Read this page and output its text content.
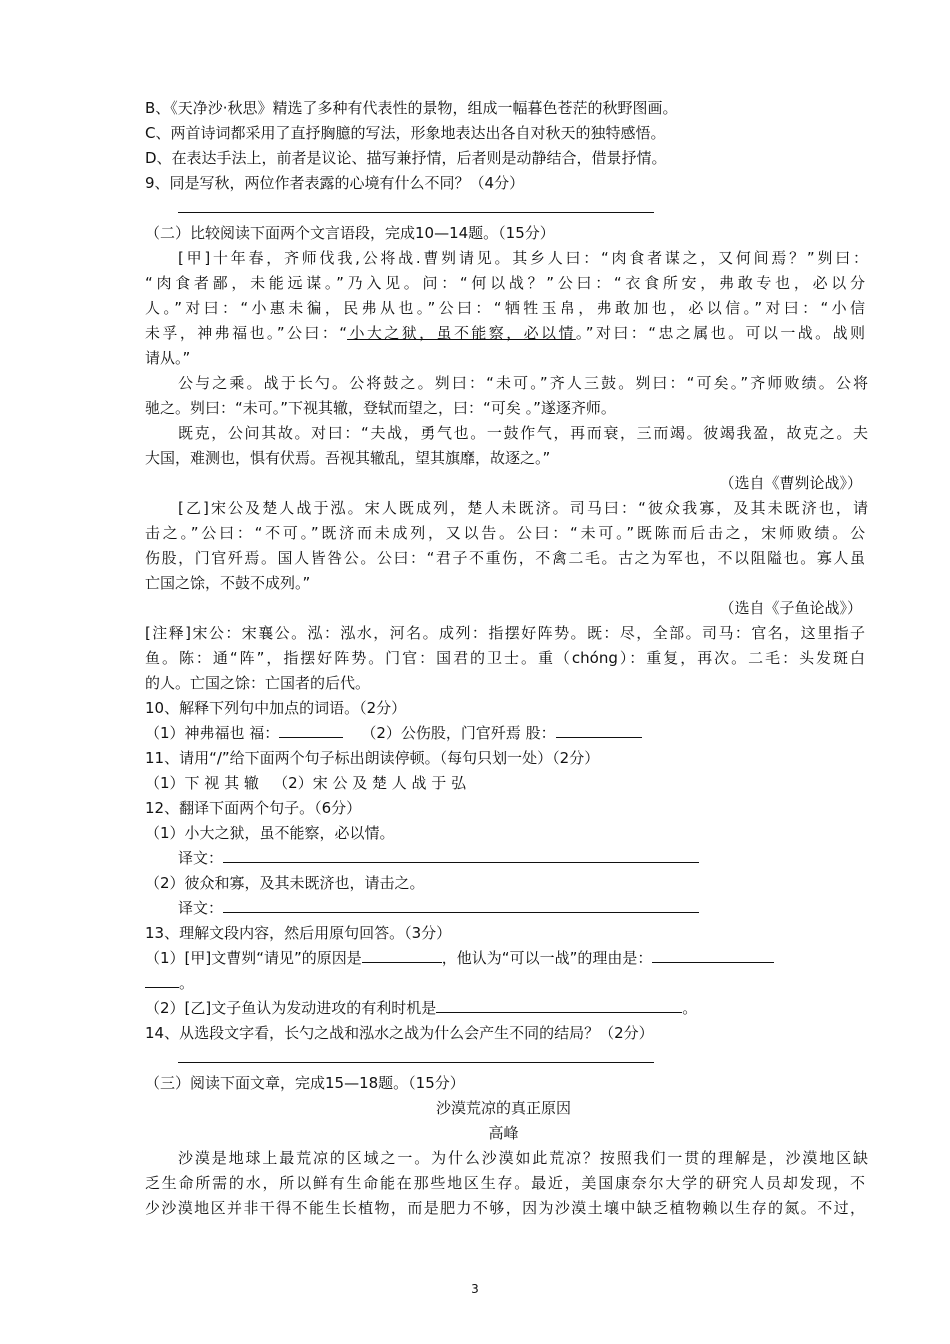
B、《天净沙·秋思》精选了多种有代表性的景物，组成一幅暮色苍茫的秋野图画。
C、两首诗词都采用了直抒胸臆的写法，形象地表达出各自对秋天的独特感悟。
D、在表达手法上，前者是议论、描写兼抒情，后者则是动静结合，借景抒情。
9、同是写秋，两位作者表露的心境有什么不同？（4分）
（二）比较阅读下面两个文言语段，完成10—14题。（15分）
[甲]十年春，齐师伐我,公将战.曹刿请见。其乡人曰：“肉食者谋之，又何间焉？”刿曰：
“肉食者鄙，未能远谋。”乃入见。问：“何以战？”公曰：“衣食所安，弗敢专也，必以分
人。”对曰：“小惠未徧，民弗从也。”公曰：“牺牲玉帛，弗敢加也，必以信。”对曰：“小信
未孚，神弗福也。”公曰：“小大之狱，虽不能察，必以情。”对曰：“忠之属也。可以一战。战则
请从。”
公与之乘。战于长勺。公将鼓之。刿曰：“未可。”齐人三鼓。刿曰：“可矣。”齐师败绩。公将
驰之。刿曰：“未可。”下视其辙，登轼而望之，曰：“可矣 。”遂逐齐师。
既克，公问其故。对曰：“夫战，勇气也。一鼓作气，再而衰，三而竭。彼竭我盈，故克之。夫
大国，难测也，惧有伏焉。吾视其辙乱，望其旗靡，故逐之。”
（选自《曹刿论战》）
[乙]宋公及楚人战于泓。宋人既成列，楚人未既济。司马曰：“彼众我寡，及其未既济也，请
击之。”公曰：“不可。”既济而未成列，又以告。公曰：“未可。”既陈而后击之，宋师败绩。公
伤股，门官歼焉。国人皆咎公。公曰：“君子不重伤，不禽二毛。古之为军也，不以阻隘也。寡人虽
亡国之馀，不鼓不成列。”
（选自《子鱼论战》）
[注释]宋公：宋襄公。泓：泓水，河名。成列：指摆好阵势。既：尽，全部。司马：官名，这里指子
鱼。陈：通“阵”，指摆好阵势。门官：国君的卫士。重（chóng）：重复，再次。二毛：头发斑白
的人。亡国之馀：亡国者的后代。
10、解释下列句中加点的词语。（2分）
（1）神弗福也 福：	（2）公伤股，门官歼焉 股：
11、请用“/”给下面两个句子标出朗读停顿。（每句只划一处）（2分）
（1）下 视 其 辙   （2）宋 公 及 楚 人 战 于 弘
12、翻译下面两个句子。（6分）
（1）小大之狱，虽不能察，必以情。
译文：
（2）彼众和寡，及其未既济也，请击之。
译文：
13、理解文段内容，然后用原句回答。（3分）
（1）[甲]文曹刿“请见”的原因是	，他认为“可以一战”的理由是：
。
（2）[乙]文子鱼认为发动进攻的有利时机是	。
14、从选段文字看，长勺之战和泓水之战为什么会产生不同的结局？（2分）
（三）阅读下面文章，完成15—18题。（15分）
沙漠荒凉的真正原因
高峰
沙漠是地球上最荒凉的区域之一。为什么沙漠如此荒凉？按照我们一贯的理解是，沙漠地区缺
乏生命所需的水，所以鲜有生命能在那些地区生存。最近，美国康奈尔大学的研究人员却发现，不
少沙漠地区并非干得不能生长植物，而是肥力不够，因为沙漠土壤中缺乏植物赖以生存的氮。不过，
3
